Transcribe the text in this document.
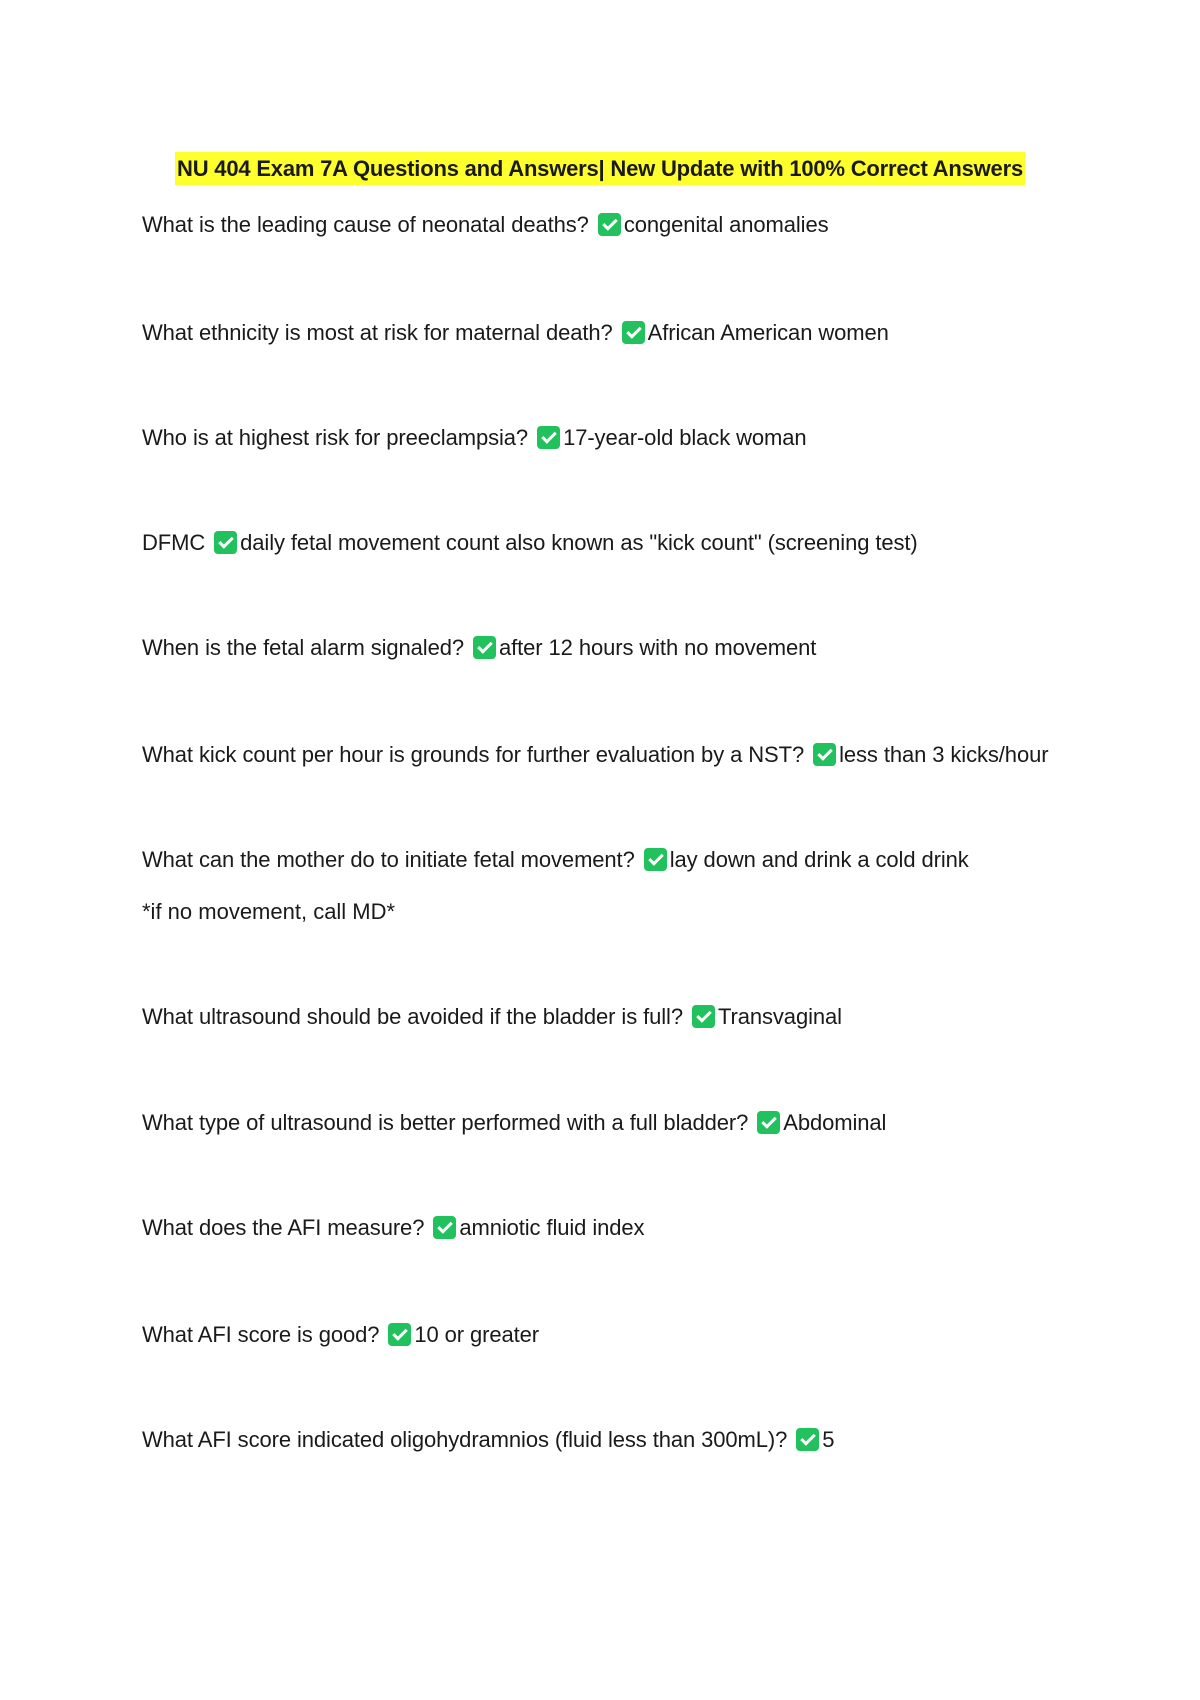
NU 404 Exam 7A Questions and Answers| New Update with 100% Correct Answers
What is the leading cause of neonatal deaths? congenital anomalies
What ethnicity is most at risk for maternal death? African American women
Who is at highest risk for preeclampsia? 17-year-old black woman
DFMC daily fetal movement count also known as "kick count" (screening test)
When is the fetal alarm signaled? after 12 hours with no movement
What kick count per hour is grounds for further evaluation by a NST? less than 3 kicks/hour
What can the mother do to initiate fetal movement? lay down and drink a cold drink
*if no movement, call MD*
What ultrasound should be avoided if the bladder is full? Transvaginal
What type of ultrasound is better performed with a full bladder? Abdominal
What does the AFI measure? amniotic fluid index
What AFI score is good? 10 or greater
What AFI score indicated oligohydramnios (fluid less than 300mL)? 5
